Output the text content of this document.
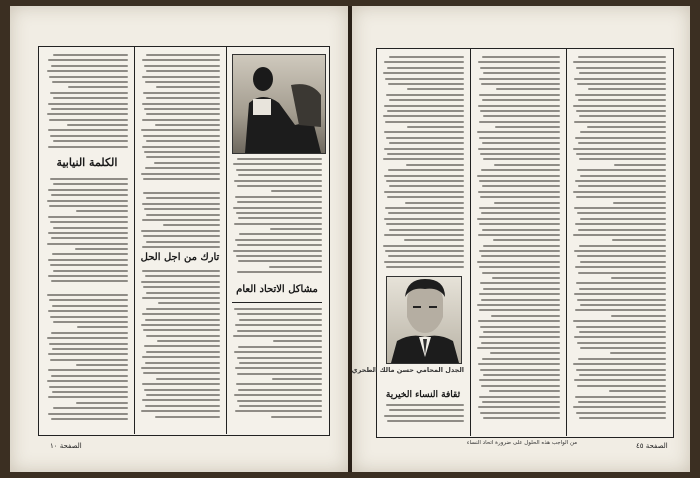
الكلمة النيابية
تارك من اجل الحل
مشاكل الاتحاد العام
الصفحة ١٠
الجدل المحامي حسن مالك الطحري
ثقافة النساء الخيرية
من الواجب هذه الحلول على ضرورة اتحاد النساء	الصفحة ٤٥
